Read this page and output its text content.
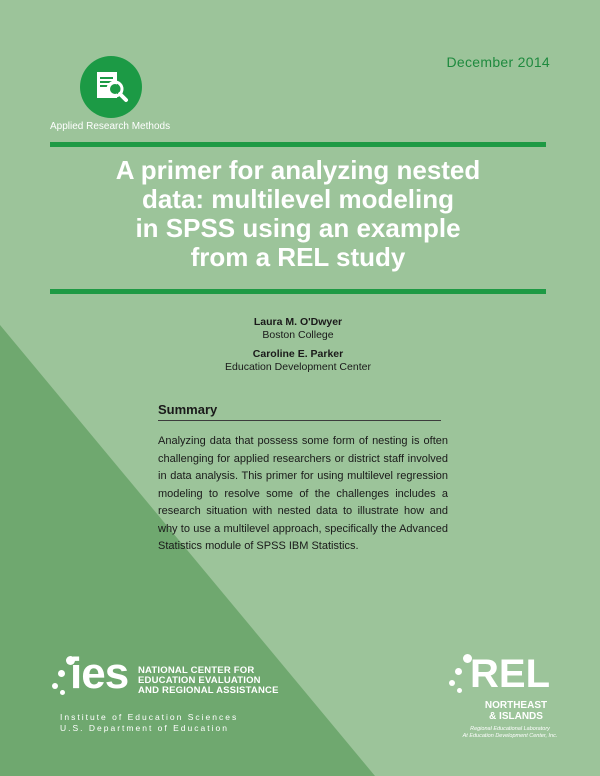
December 2014
Applied Research Methods
A primer for analyzing nested
data: multilevel modeling
in SPSS using an example
from a REL study
Laura M. O'Dwyer
Boston College
Caroline E. Parker
Education Development Center
Summary

Analyzing data that possess some form of nesting is often challenging for applied researchers or district staff involved in data analysis. This primer for using multilevel regression modeling to resolve some of the challenges includes a research situation with nested data to illustrate how and why to use a multilevel approach, specifically the Advanced Statistics module of SPSS IBM Statistics.

ies NATIONAL CENTER FOR
EDUCATION EVALUATION
AND REGIONAL ASSISTANCE
Institute of Education Sciences
U.S. Department of Education
REL
NORTHEAST
& ISLANDS
Regional Educational Laboratory
At Education Development Center, Inc.
